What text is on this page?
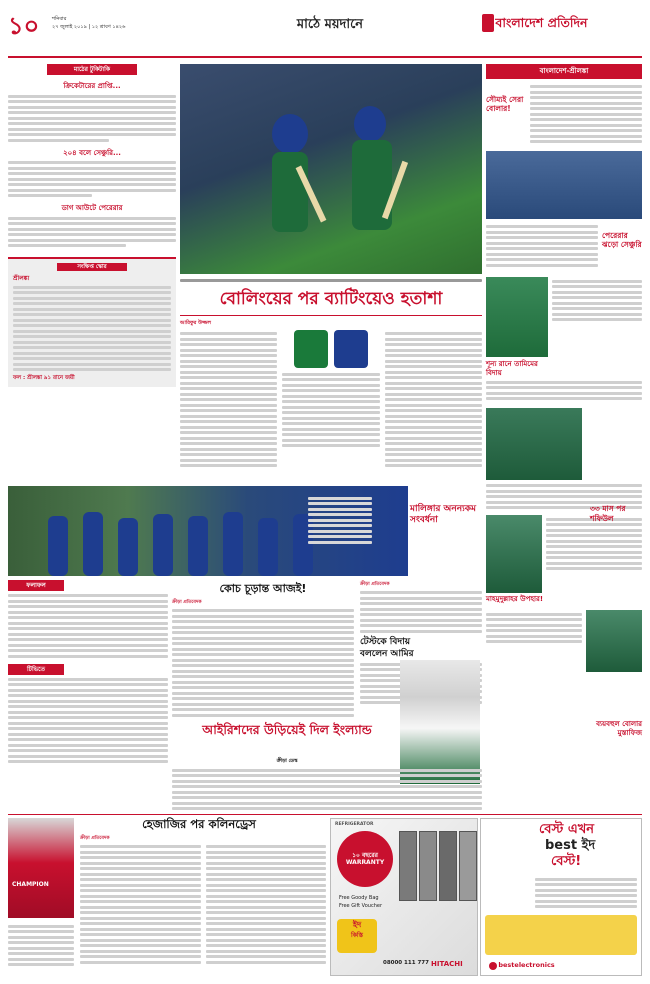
১০	শনিবার
২৭ জুলাই ২০১৯ | ১২ শ্রাবণ ১৪২৬	মাঠে ময়দানে	বাংলাদেশ প্রতিদিন
মাঠের টুকিটাকি
ক্রিকেটারের প্রাপ্তি...
২০৪ বলে সেঞ্চুরি...
ডাগ আউটে পেরেরার
সংক্ষিপ্ত স্কোর
শ্রীলঙ্কা
ফল : শ্রীলঙ্কা ৯১ রানে জয়ী
বোলিংয়ের পর ব্যাটিংয়েও হতাশা
আরিফুর উজ্জল
মালিঙ্গার অনন্যকম সংবর্ধনা
বাংলাদেশ-শ্রীলঙ্কা
সৌম্যই সেরা বোলার!
পেরেরার ঝড়ো সেঞ্চুরি
শূন্য রানে তামিমের বিদায়
৩৩ মাস পর শফিউল
মাহমুদুল্লাহর উপহার!
ব্যয়বহুল বোলার মুস্তাফিজ
ফলাফল
টিভিতে
কোচ চূড়ান্ত আজই!
ক্রীড়া প্রতিবেদক
ক্রীড়া প্রতিবেদক
টেস্টকে বিদায় বললেন আমির
আইরিশদের উড়িয়েই দিল ইংল্যান্ড
ক্রীড়া ডেস্ক
CHAMPION
হেজাজির পর কলিনড্রেস
ক্রীড়া প্রতিবেদক
REFRIGERATOR
১০ বছরের WARRANTY
Free Goody Bag
Free Gift Voucher
ইদ
কিস্তি
08000 111 777 HITACHI
বেস্ট এখন
best ইদ
বেস্ট!
bestelectronics
